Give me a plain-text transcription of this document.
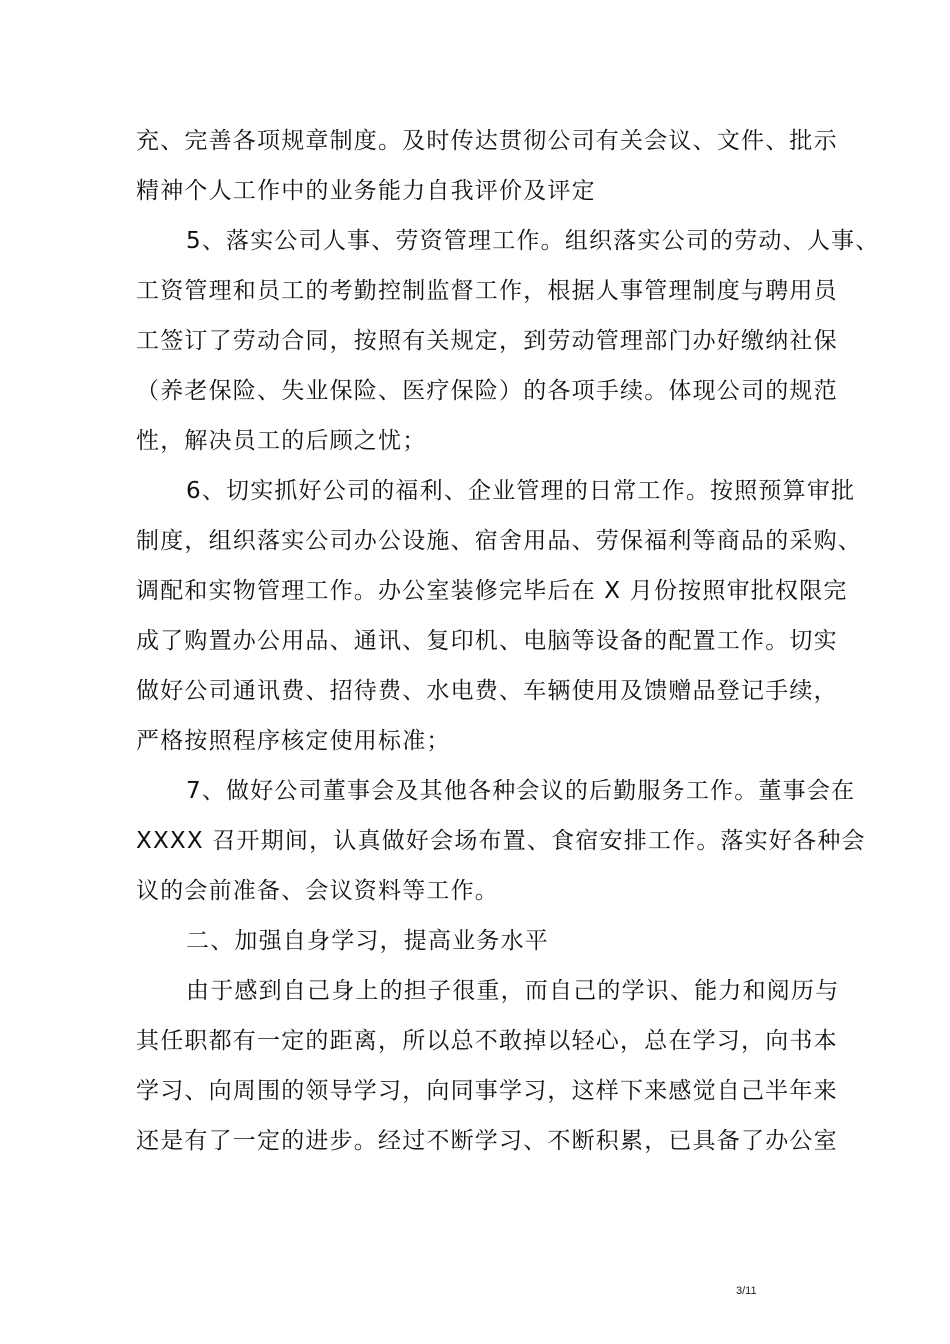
充、完善各项规章制度。及时传达贯彻公司有关会议、文件、批示
精神个人工作中的业务能力自我评价及评定
5、落实公司人事、劳资管理工作。组织落实公司的劳动、人事、
工资管理和员工的考勤控制监督工作，根据人事管理制度与聘用员
工签订了劳动合同，按照有关规定，到劳动管理部门办好缴纳社保
（养老保险、失业保险、医疗保险）的各项手续。体现公司的规范
性，解决员工的后顾之忧；
6、切实抓好公司的福利、企业管理的日常工作。按照预算审批
制度，组织落实公司办公设施、宿舍用品、劳保福利等商品的采购、
调配和实物管理工作。办公室装修完毕后在 X 月份按照审批权限完
成了购置办公用品、通讯、复印机、电脑等设备的配置工作。切实
做好公司通讯费、招待费、水电费、车辆使用及馈赠品登记手续，
严格按照程序核定使用标准；
7、做好公司董事会及其他各种会议的后勤服务工作。董事会在
XXXX 召开期间，认真做好会场布置、食宿安排工作。落实好各种会
议的会前准备、会议资料等工作。
二、加强自身学习，提高业务水平
由于感到自己身上的担子很重，而自己的学识、能力和阅历与
其任职都有一定的距离，所以总不敢掉以轻心，总在学习，向书本
学习、向周围的领导学习，向同事学习，这样下来感觉自己半年来
还是有了一定的进步。经过不断学习、不断积累，已具备了办公室
3/11
